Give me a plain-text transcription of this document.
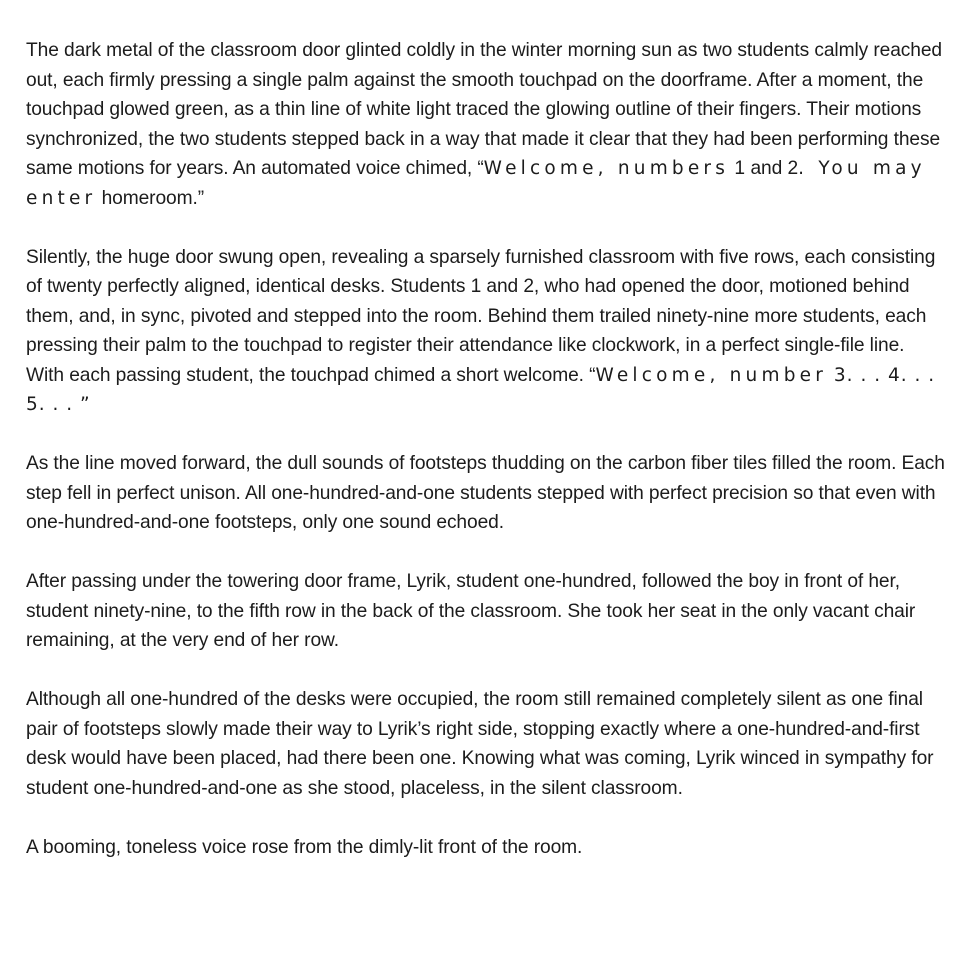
The dark metal of the classroom door glinted coldly in the winter morning sun as two students calmly reached out, each firmly pressing a single palm against the smooth touchpad on the doorframe. After a moment, the touchpad glowed green, as a thin line of white light traced the glowing outline of their fingers. Their motions synchronized, the two students stepped back in a way that made it clear that they had been performing these same motions for years. An automated voice chimed, “Welcome, numbers 1 and 2. You may enter homeroom.”

Silently, the huge door swung open, revealing a sparsely furnished classroom with five rows, each consisting of twenty perfectly aligned, identical desks. Students 1 and 2, who had opened the door, motioned behind them, and, in sync, pivoted and stepped into the room. Behind them trailed ninety-nine more students, each pressing their palm to the touchpad to register their attendance like clockwork, in a perfect single-file line. With each passing student, the touchpad chimed a short welcome. “Welcome, number 3. . . 4. . . 5. . . ”

As the line moved forward, the dull sounds of footsteps thudding on the carbon fiber tiles filled the room. Each step fell in perfect unison. All one-hundred-and-one students stepped with perfect precision so that even with one-hundred-and-one footsteps, only one sound echoed.

After passing under the towering door frame, Lyrik, student one-hundred, followed the boy in front of her, student ninety-nine, to the fifth row in the back of the classroom. She took her seat in the only vacant chair remaining, at the very end of her row.

Although all one-hundred of the desks were occupied, the room still remained completely silent as one final pair of footsteps slowly made their way to Lyrik’s right side, stopping exactly where a one-hundred-and-first desk would have been placed, had there been one. Knowing what was coming, Lyrik winced in sympathy for student one-hundred-and-one as she stood, placeless, in the silent classroom.

A booming, toneless voice rose from the dimly-lit front of the room.
